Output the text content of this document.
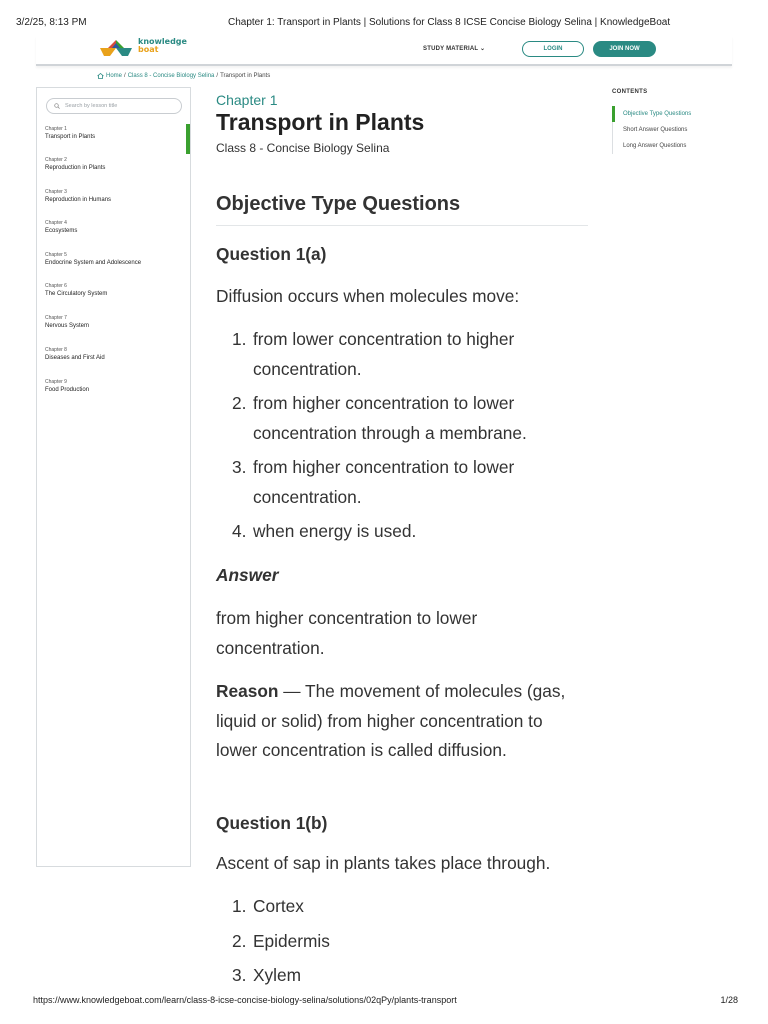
3/2/25, 8:13 PM	Chapter 1: Transport in Plants | Solutions for Class 8 ICSE Concise Biology Selina | KnowledgeBoat
knowledge
boat	STUDY MATERIAL ⌄	LOGIN	JOIN NOW
Home / Class 8 - Concise Biology Selina / Transport in Plants
Search by lesson title
Chapter 1
Transport in Plants
Chapter 2
Reproduction in Plants
Chapter 3
Reproduction in Humans
Chapter 4
Ecosystems
Chapter 5
Endocrine System and Adolescence
Chapter 6
The Circulatory System
Chapter 7
Nervous System
Chapter 8
Diseases and First Aid
Chapter 9
Food Production
Chapter 1
Transport in Plants
Class 8 - Concise Biology Selina
Objective Type Questions
Question 1(a)
Diffusion occurs when molecules move:
1. from lower concentration to higher concentration.
2. from higher concentration to lower concentration through a membrane.
3. from higher concentration to lower concentration.
4. when energy is used.
Answer
from higher concentration to lower concentration.
Reason — The movement of molecules (gas, liquid or solid) from higher concentration to lower concentration is called diffusion.
Question 1(b)
Ascent of sap in plants takes place through.
1. Cortex
2. Epidermis
3. Xylem
CONTENTS
Objective Type Questions
Short Answer Questions
Long Answer Questions
https://www.knowledgeboat.com/learn/class-8-icse-concise-biology-selina/solutions/02qPy/plants-transport	1/28
